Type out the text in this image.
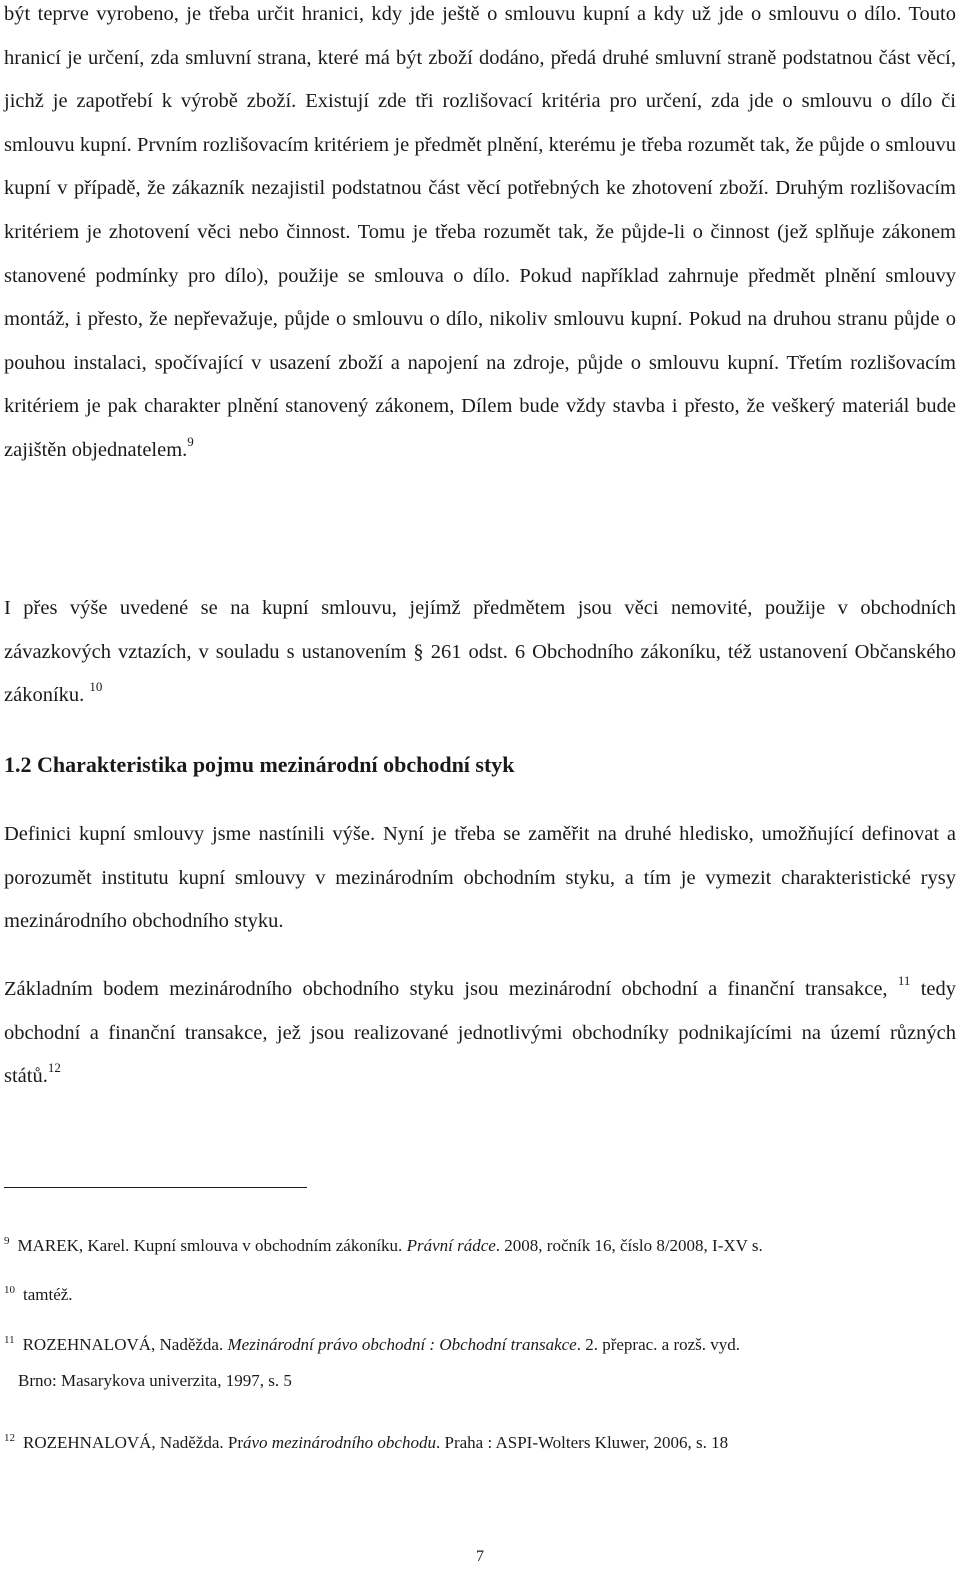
být teprve vyrobeno, je třeba určit hranici, kdy jde ještě o smlouvu kupní a kdy už jde o smlouvu o dílo. Touto hranicí je určení, zda smluvní strana, které má být zboží dodáno, předá druhé smluvní straně podstatnou část věcí, jichž je zapotřebí k výrobě zboží. Existují zde tři rozlišovací kritéria pro určení, zda jde o smlouvu o dílo či smlouvu kupní. Prvním rozlišovacím kritériem je předmět plnění, kterému je třeba rozumět tak, že půjde o smlouvu kupní v případě, že zákazník nezajistil podstatnou část věcí potřebných ke zhotovení zboží. Druhým rozlišovacím kritériem je zhotovení věci nebo činnost. Tomu je třeba rozumět tak, že půjde-li o činnost (jež splňuje zákonem stanovené podmínky pro dílo), použije se smlouva o dílo. Pokud například zahrnuje předmět plnění smlouvy montáž, i přesto, že nepřevažuje, půjde o smlouvu o dílo, nikoliv smlouvu kupní. Pokud na druhou stranu půjde o pouhou instalaci, spočívající v usazení zboží a napojení na zdroje, půjde o smlouvu kupní. Třetím rozlišovacím kritériem je pak charakter plnění stanovený zákonem, Dílem bude vždy stavba i přesto, že veškerý materiál bude zajištěn objednatelem.$^9$

I přes výše uvedené se na kupní smlouvu, jejímž předmětem jsou věci nemovité, použije v obchodních závazkových vztazích, v souladu s ustanovením § 261 odst. 6 Obchodního zákoníku, též ustanovení Občanského zákoníku. $^{10}$

1.2 Charakteristika pojmu mezinárodní obchodní styk

Definici kupní smlouvy jsme nastínili výše. Nyní je třeba se zaměřit na druhé hledisko, umožňující definovat a porozumět institutu kupní smlouvy v mezinárodním obchodním styku, a tím je vymezit charakteristické rysy mezinárodního obchodního styku.

Základním bodem mezinárodního obchodního styku jsou mezinárodní obchodní a finanční transakce, $^{11}$ tedy obchodní a finanční transakce, jež jsou realizované jednotlivými obchodníky podnikajícími na území různých států.$^{12}$

$^9$ MAREK, Karel. Kupní smlouva v obchodním zákoníku. Právní rádce. 2008, ročník 16, číslo 8/2008, I-XV s.

$^{10}$ tamtéž.

$^{11}$ ROZEHNALOVÁ, Naděžda. Mezinárodní právo obchodní : Obchodní transakce. 2. přeprac. a rozš. vyd.
Brno: Masarykova univerzita, 1997, s. 5

$^{12}$ ROZEHNALOVÁ, Naděžda. Právo mezinárodního obchodu. Praha : ASPI-Wolters Kluwer, 2006, s. 18

7
